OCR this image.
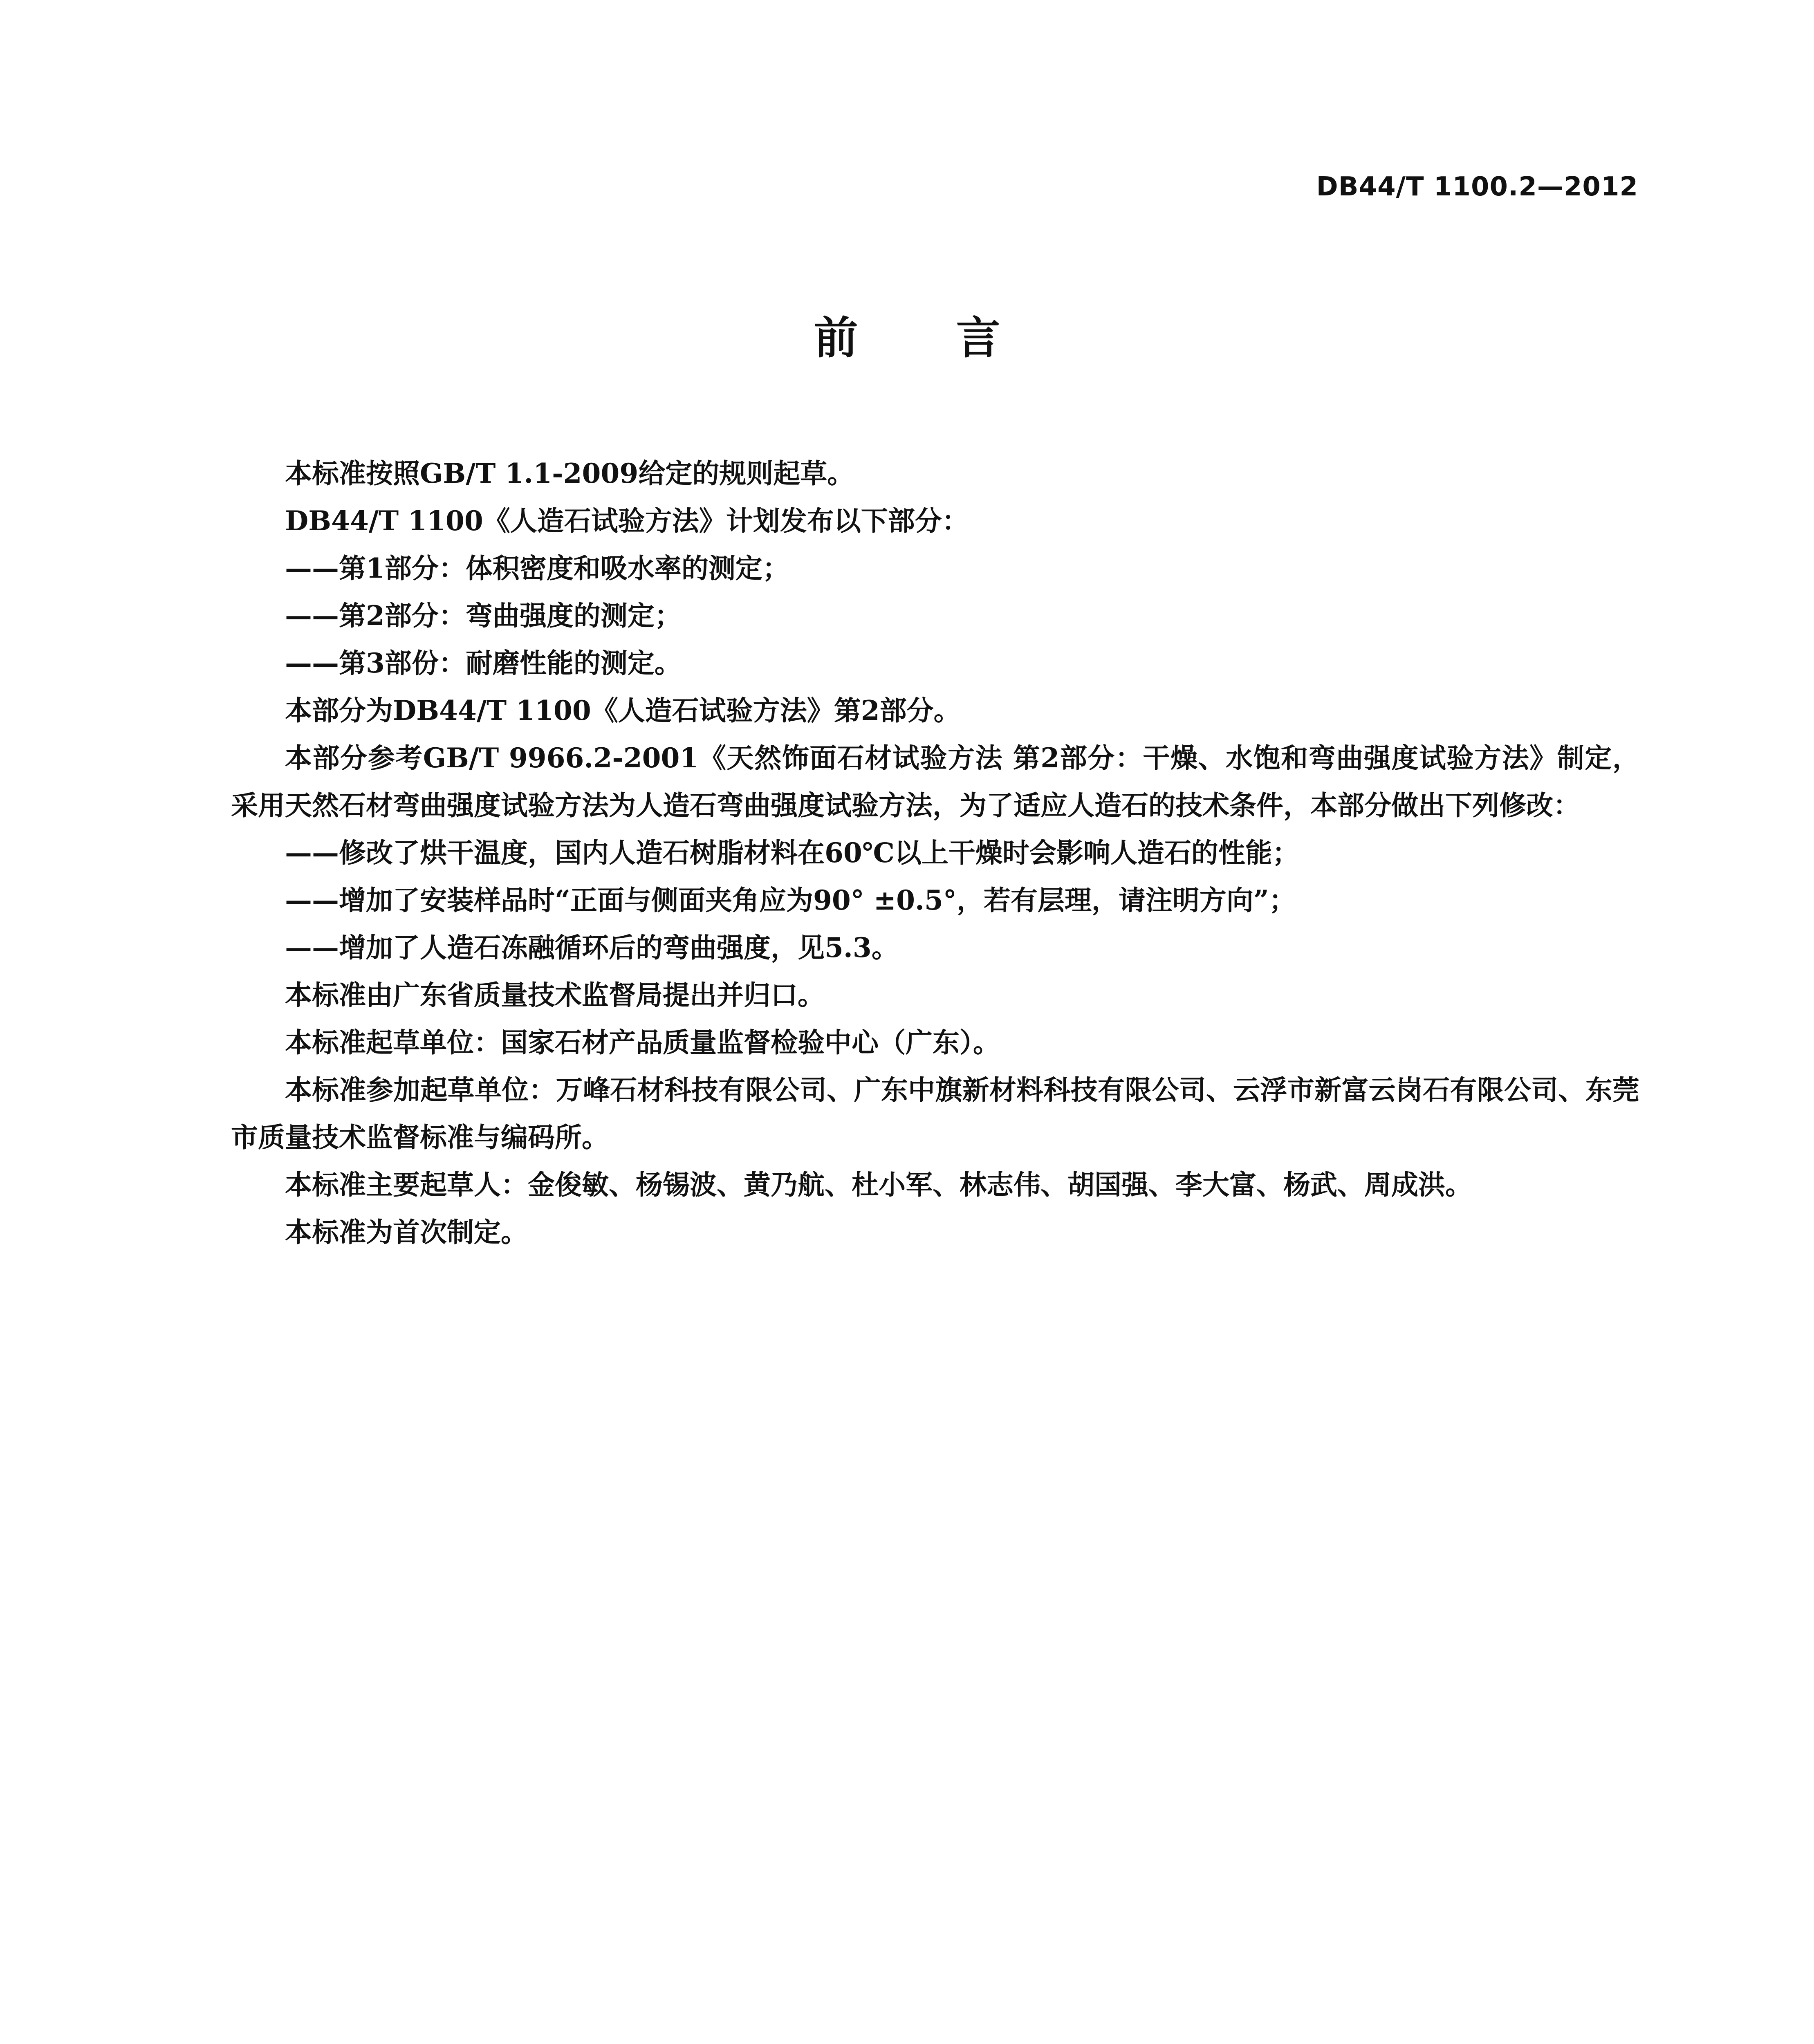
DB44/T 1100.2—2012
前言

本标准按照GB/T 1.1-2009给定的规则起草。

DB44/T 1100《人造石试验方法》计划发布以下部分：

——第1部分：体积密度和吸水率的测定；

——第2部分：弯曲强度的测定；

——第3部份：耐磨性能的测定。

本部分为DB44/T 1100《人造石试验方法》第2部分。

本部分参考GB/T 9966.2-2001《天然饰面石材试验方法 第2部分：干燥、水饱和弯曲强度试验方法》制定，采用天然石材弯曲强度试验方法为人造石弯曲强度试验方法，为了适应人造石的技术条件，本部分做出下列修改：

——修改了烘干温度，国内人造石树脂材料在60℃以上干燥时会影响人造石的性能；

——增加了安装样品时“正面与侧面夹角应为90° ±0.5°，若有层理，请注明方向”；

——增加了人造石冻融循环后的弯曲强度，见5.3。

本标准由广东省质量技术监督局提出并归口。

本标准起草单位：国家石材产品质量监督检验中心（广东）。

本标准参加起草单位：万峰石材科技有限公司、广东中旗新材料科技有限公司、云浮市新富云岗石有限公司、东莞市质量技术监督标准与编码所。

本标准主要起草人：金俊敏、杨锡波、黄乃航、杜小军、林志伟、胡国强、李大富、杨武、周成洪。

本标准为首次制定。
